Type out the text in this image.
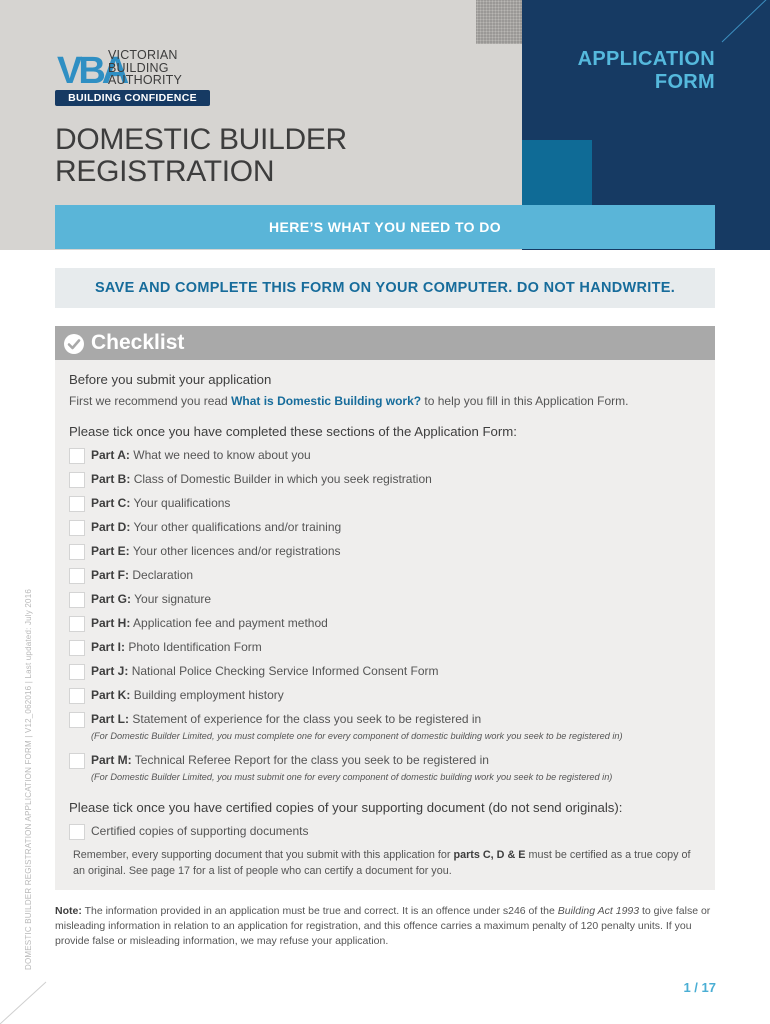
APPLICATION
FORM
VBA
VICTORIAN
BUILDING
AUTHORITY
BUILDING CONFIDENCE
DOMESTIC BUILDER
REGISTRATION
HERE’S WHAT YOU NEED TO DO
SAVE AND COMPLETE THIS FORM ON YOUR COMPUTER. DO NOT HANDWRITE.
Checklist
Before you submit your application
First we recommend you read What is Domestic Building work? to help you fill in this Application Form.
Please tick once you have completed these sections of the Application Form:
Part A: What we need to know about you
Part B: Class of Domestic Builder in which you seek registration
Part C: Your qualifications
Part D: Your other qualifications and/or training
Part E: Your other licences and/or registrations
Part F: Declaration
Part G: Your signature
Part H: Application fee and payment method
Part I: Photo Identification Form
Part J: National Police Checking Service Informed Consent Form
Part K: Building employment history
Part L: Statement of experience for the class you seek to be registered in
(For Domestic Builder Limited, you must complete one for every component of domestic building work you seek to be registered in)
Part M: Technical Referee Report for the class you seek to be registered in
(For Domestic Builder Limited, you must submit one for every component of domestic building work you seek to be registered in)
Please tick once you have certified copies of your supporting document (do not send originals):
Certified copies of supporting documents
Remember, every supporting document that you submit with this application for parts C, D & E must be certified as a true copy of an original. See page 17 for a list of people who can certify a document for you.
Note: The information provided in an application must be true and correct. It is an offence under s246 of the Building Act 1993 to give false or misleading information in relation to an application for registration, and this offence carries a maximum penalty of 120 penalty units. If you provide false or misleading information, we may refuse your application.
DOMESTIC BUILDER REGISTRATION APPLICATION FORM | V12_062016 | Last updated: July 2016
1 / 17
